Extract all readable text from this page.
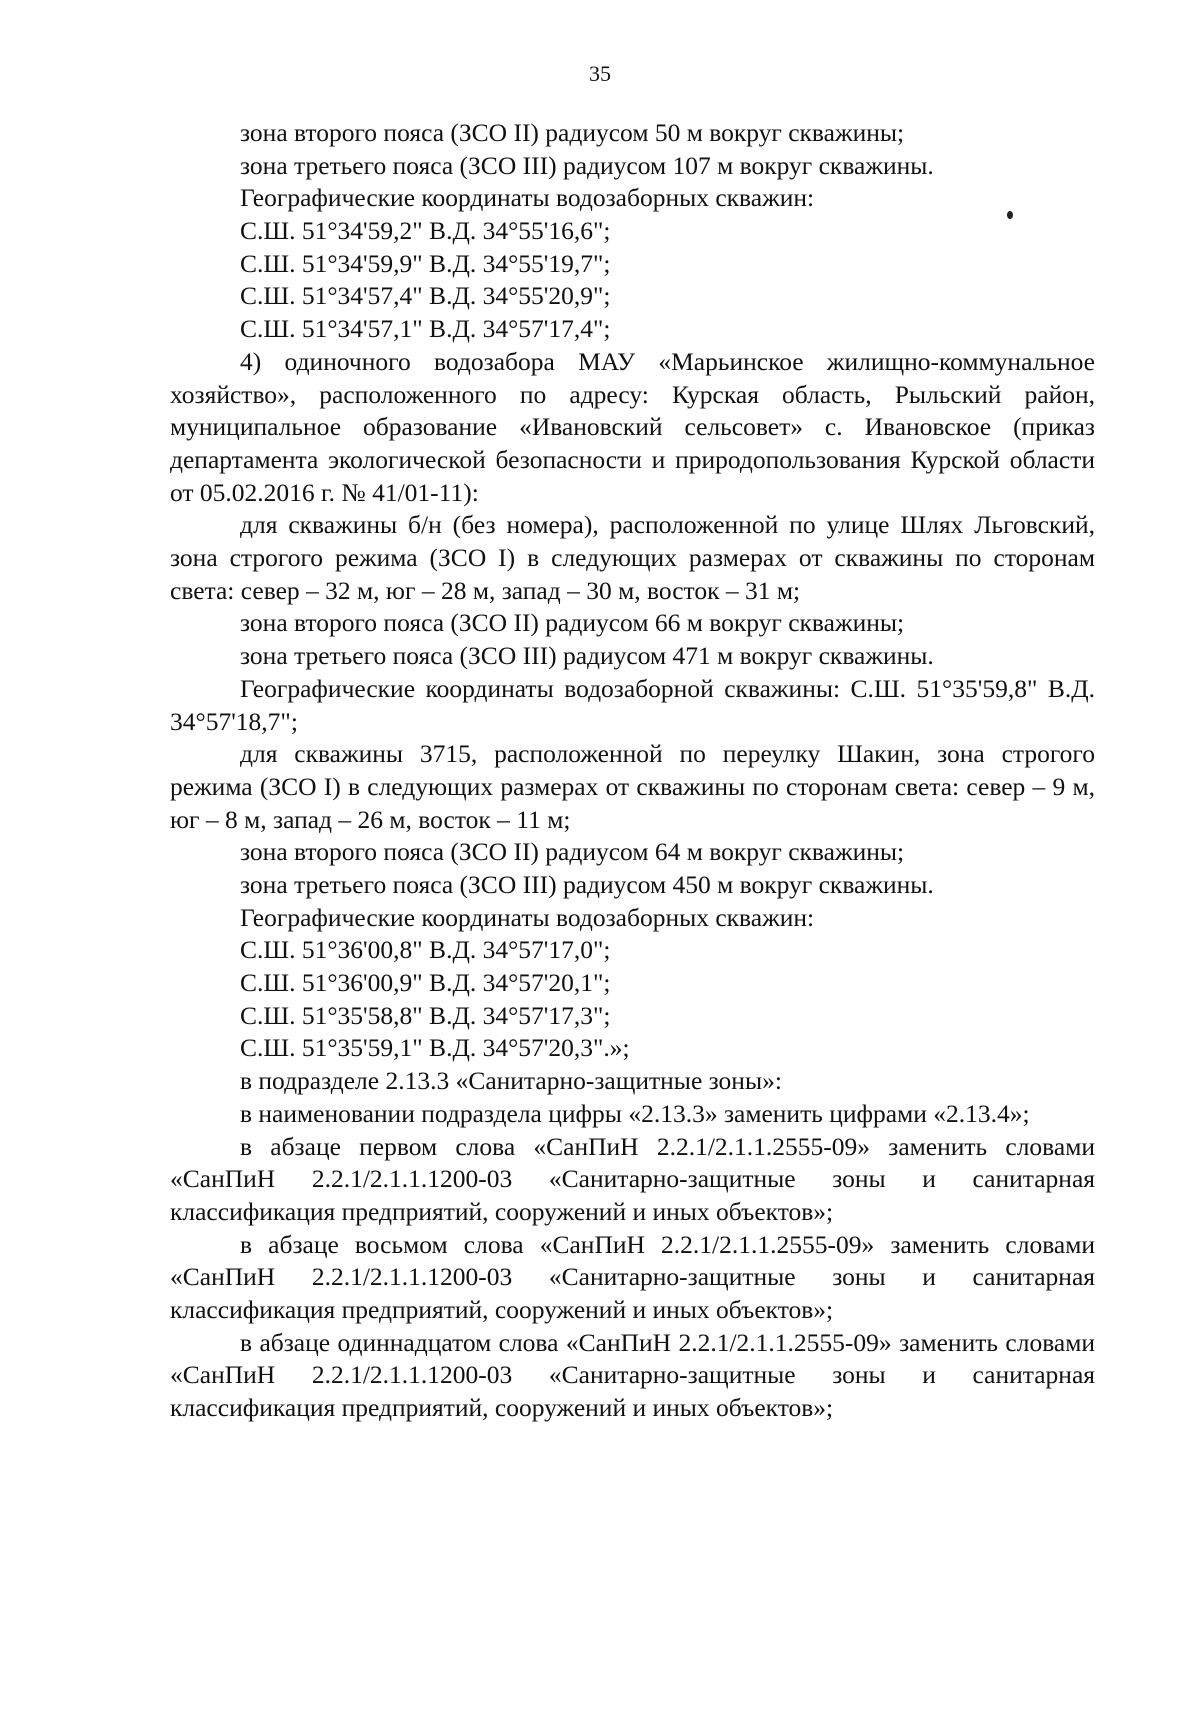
35
зона второго пояса (ЗСО II) радиусом 50 м вокруг скважины;
зона третьего пояса (ЗСО III) радиусом 107 м вокруг скважины.
Географические координаты водозаборных скважин:
С.Ш. 51°34'59,2" В.Д. 34°55'16,6";
С.Ш. 51°34'59,9" В.Д. 34°55'19,7";
С.Ш. 51°34'57,4" В.Д. 34°55'20,9";
С.Ш. 51°34'57,1" В.Д. 34°57'17,4";
4) одиночного водозабора МАУ «Марьинское жилищно-коммунальное хозяйство», расположенного по адресу: Курская область, Рыльский район, муниципальное образование «Ивановский сельсовет» с. Ивановское (приказ департамента экологической безопасности и природопользования Курской области от 05.02.2016 г. № 41/01-11):
для скважины б/н (без номера), расположенной по улице Шлях Льговский, зона строгого режима (ЗСО I) в следующих размерах от скважины по сторонам света: север – 32 м, юг – 28 м, запад – 30 м, восток – 31 м;
зона второго пояса (ЗСО II) радиусом 66 м вокруг скважины;
зона третьего пояса (ЗСО III) радиусом 471 м вокруг скважины.
Географические координаты водозаборной скважины: С.Ш. 51°35'59,8" В.Д. 34°57'18,7";
для скважины 3715, расположенной по переулку Шакин, зона строгого режима (ЗСО I) в следующих размерах от скважины по сторонам света: север – 9 м, юг – 8 м, запад – 26 м, восток – 11 м;
зона второго пояса (ЗСО II) радиусом 64 м вокруг скважины;
зона третьего пояса (ЗСО III) радиусом 450 м вокруг скважины.
Географические координаты водозаборных скважин:
С.Ш. 51°36'00,8" В.Д. 34°57'17,0";
С.Ш. 51°36'00,9" В.Д. 34°57'20,1";
С.Ш. 51°35'58,8" В.Д. 34°57'17,3";
С.Ш. 51°35'59,1" В.Д. 34°57'20,3".»;
в подразделе 2.13.3 «Санитарно-защитные зоны»:
в наименовании подраздела цифры «2.13.3» заменить цифрами «2.13.4»;
в абзаце первом слова «СанПиН 2.2.1/2.1.1.2555-09» заменить словами «СанПиН 2.2.1/2.1.1.1200-03 «Санитарно-защитные зоны и санитарная классификация предприятий, сооружений и иных объектов»;
в абзаце восьмом слова «СанПиН 2.2.1/2.1.1.2555-09» заменить словами «СанПиН 2.2.1/2.1.1.1200-03 «Санитарно-защитные зоны и санитарная классификация предприятий, сооружений и иных объектов»;
в абзаце одиннадцатом слова «СанПиН 2.2.1/2.1.1.2555-09» заменить словами «СанПиН 2.2.1/2.1.1.1200-03 «Санитарно-защитные зоны и санитарная классификация предприятий, сооружений и иных объектов»;
